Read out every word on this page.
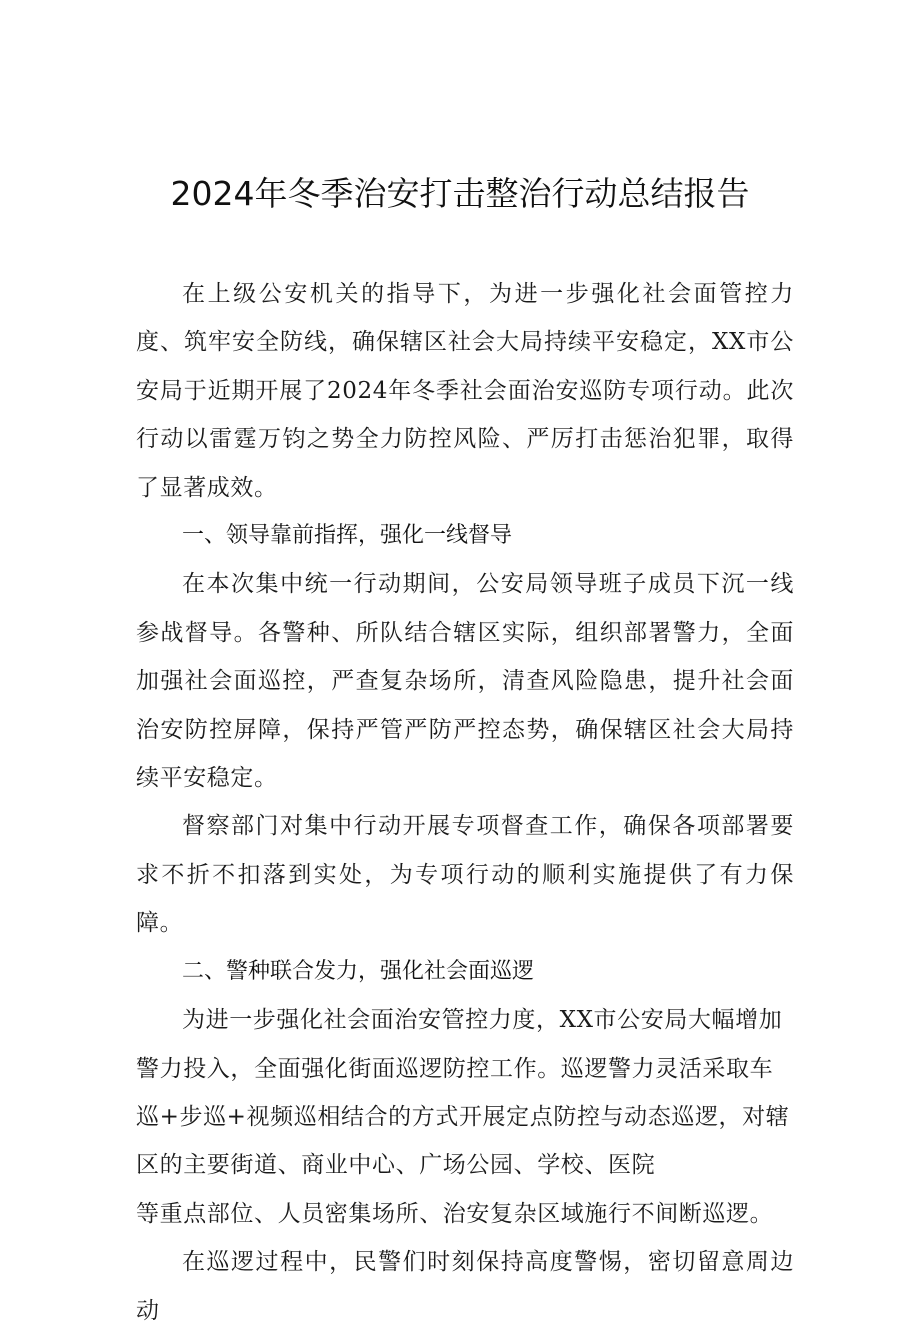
2024年冬季治安打击整治行动总结报告

在上级公安机关的指导下，为进一步强化社会面管控力度、筑牢安全防线，确保辖区社会大局持续平安稳定，XX市公安局于近期开展了2024年冬季社会面治安巡防专项行动。此次行动以雷霆万钧之势全力防控风险、严厉打击惩治犯罪，取得了显著成效。

一、领导靠前指挥，强化一线督导

在本次集中统一行动期间，公安局领导班子成员下沉一线参战督导。各警种、所队结合辖区实际，组织部署警力，全面加强社会面巡控，严查复杂场所，清查风险隐患，提升社会面治安防控屏障，保持严管严防严控态势，确保辖区社会大局持续平安稳定。

督察部门对集中行动开展专项督查工作，确保各项部署要求不折不扣落到实处，为专项行动的顺利实施提供了有力保障。

二、警种联合发力，强化社会面巡逻

为进一步强化社会面治安管控力度，XX市公安局大幅增加警力投入，全面强化街面巡逻防控工作。巡逻警力灵活采取车巡+步巡+视频巡相结合的方式开展定点防控与动态巡逻，对辖区的主要街道、商业中心、广场公园、学校、医院

等重点部位、人员密集场所、治安复杂区域施行不间断巡逻。

在巡逻过程中，民警们时刻保持高度警惕，密切留意周边动
